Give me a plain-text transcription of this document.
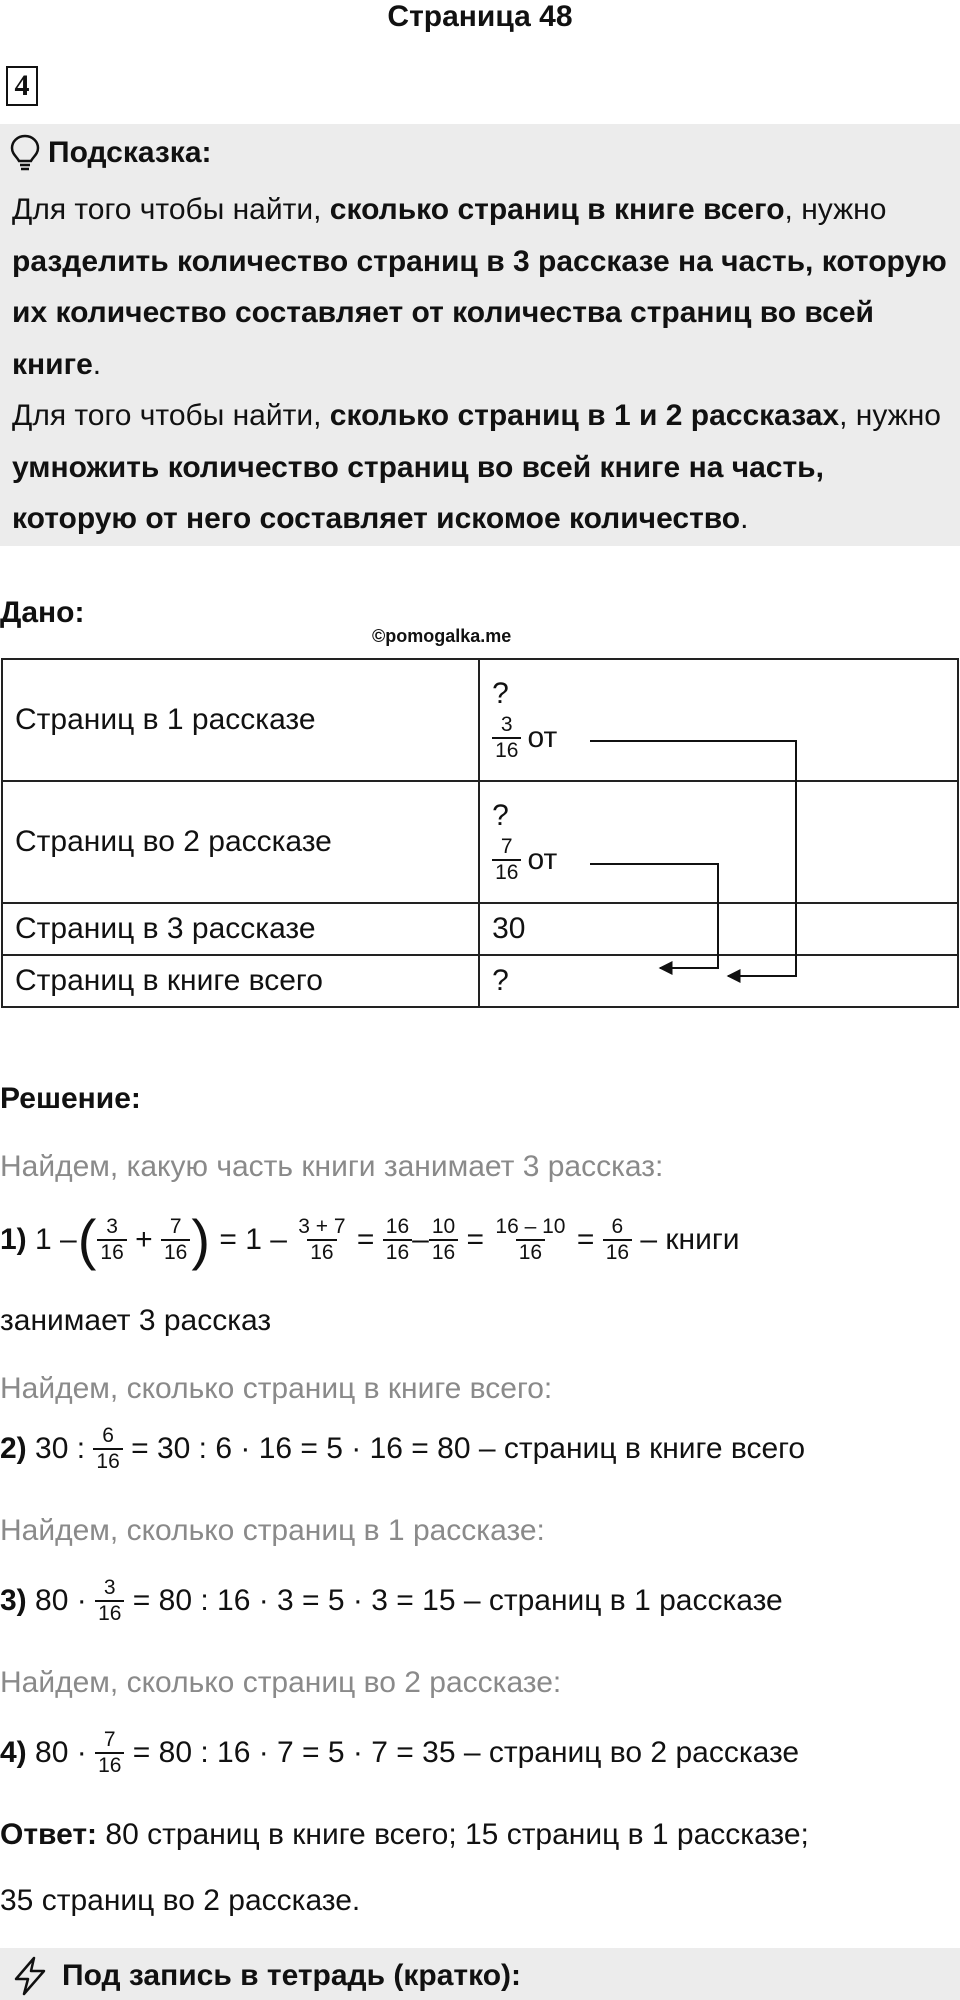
Страница 48
4
Подсказка:
Для того чтобы найти, сколько страниц в книге всего, нужно разделить количество страниц в 3 рассказе на часть, которую их количество составляет от количества страниц во всей книге.
Для того чтобы найти, сколько страниц в 1 и 2 рассказах, нужно умножить количество страниц во всей книге на часть, которую от него составляет искомое количество.
Дано:
©pomogalka.me
Страниц в 1 рассказе	?
$\frac{3}{16}$ от

Страниц во 2 рассказе	?
$\frac{7}{16}$ от

Страниц в 3 рассказе	30
Страниц в книге всего	?
Решение:
Найдем, какую часть книги занимает 3 рассказ:
1)
1 – ( $\frac{3}{16}$
+
$\frac{7}{16}$ )
= 1 –
$\frac{3 + 7}{16}$
=
$\frac{16}{16} - \frac{10}{16}$
=
$\frac{16 - 10}{16}$
=
$\frac{6}{16}$
– книги
занимает 3 рассказ
Найдем, сколько страниц в книге всего:
2)
30 :
$\frac{6}{16}$
= 30 : 6 · 16 = 5 · 16 = 80 – страниц в книге всего
Найдем, сколько страниц в 1 рассказе:
3)
80 ·
$\frac{3}{16}$
= 80 : 16 · 3 = 5 · 3 = 15 – страниц в 1 рассказе
Найдем, сколько страниц во 2 рассказе:
4)
80 ·
$\frac{7}{16}$
= 80 : 16 · 7 = 5 · 7 = 35 – страниц во 2 рассказе
Ответ: 80 страниц в книге всего; 15 страниц в 1 рассказе;
35 страниц во 2 рассказе.
Под запись в тетрадь (кратко):
